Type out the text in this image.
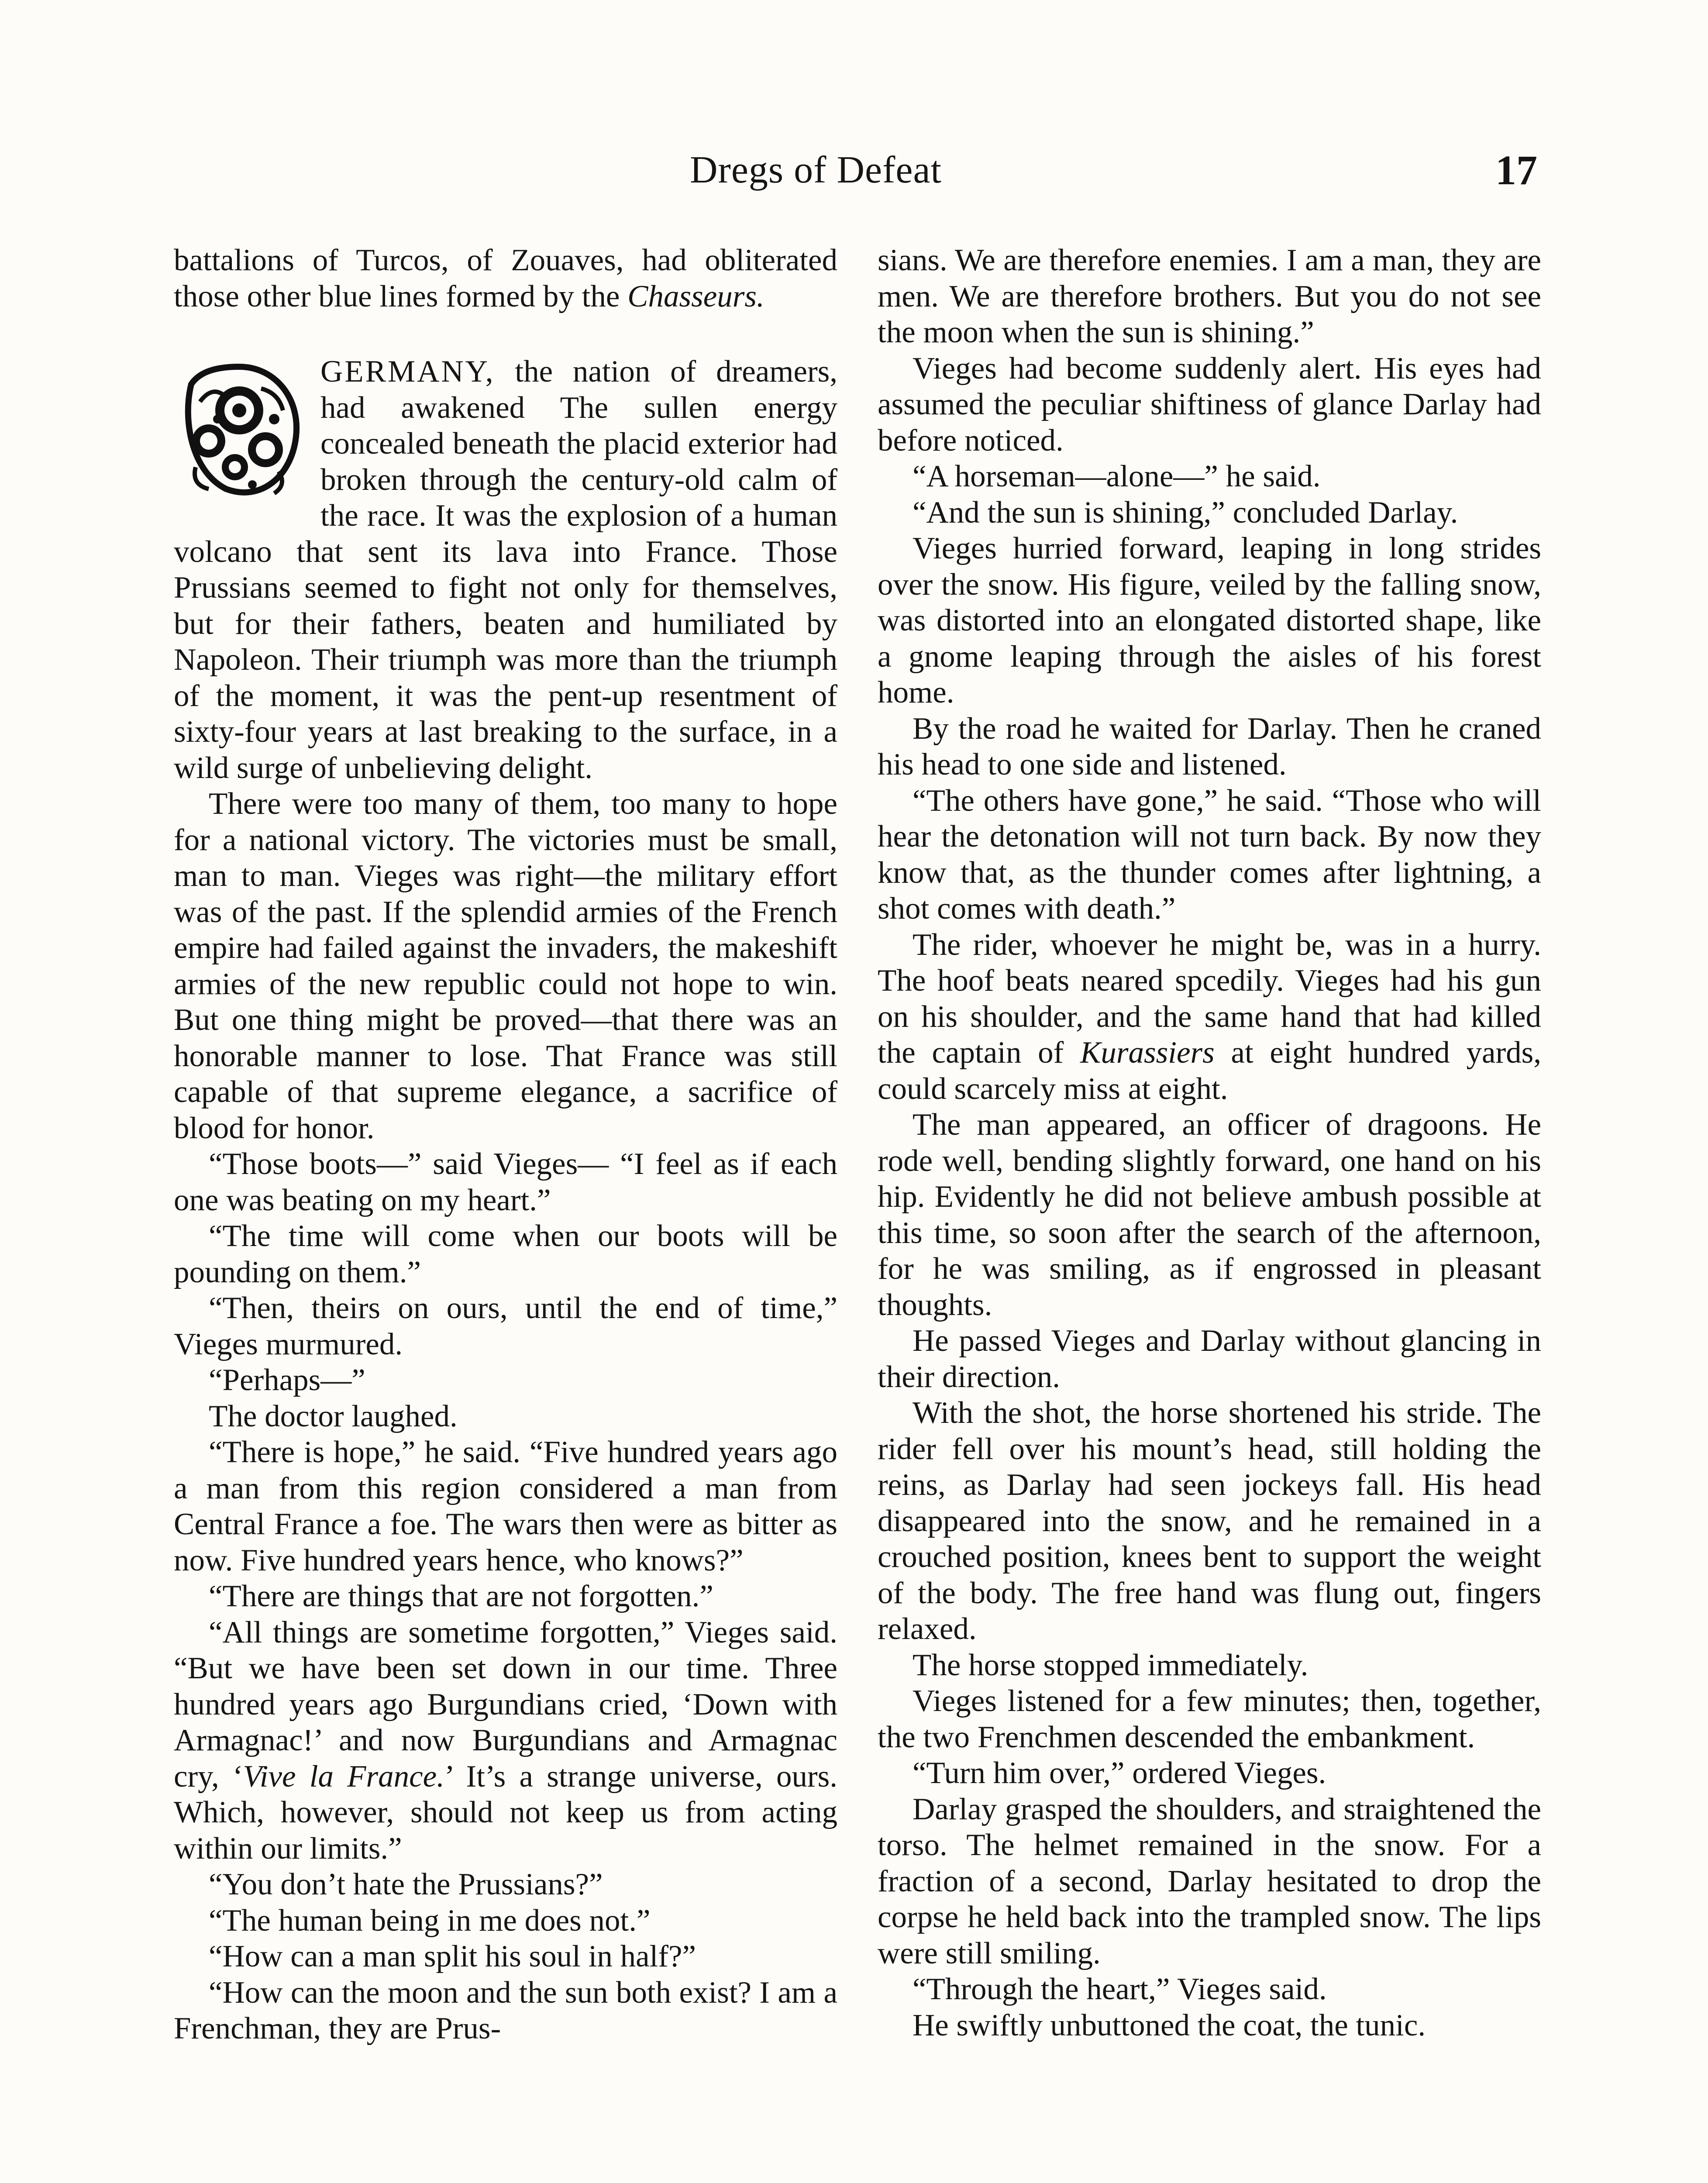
Dregs of Defeat	17

battalions of Turcos, of Zouaves, had obliterated those other blue lines formed by the Chasseurs.

GERMANY, the nation of dreamers, had awakened The sullen energy concealed beneath the placid exterior had broken through the century-old calm of the race. It was the explosion of a human volcano that sent its lava into France. Those Prussians seemed to fight not only for themselves, but for their fathers, beaten and humiliated by Napoleon. Their triumph was more than the triumph of the moment, it was the pent-up resentment of sixty-four years at last breaking to the surface, in a wild surge of unbelieving delight.

There were too many of them, too many to hope for a national victory. The victories must be small, man to man. Vieges was right—the military effort was of the past. If the splendid armies of the French empire had failed against the invaders, the makeshift armies of the new republic could not hope to win. But one thing might be proved—that there was an honorable manner to lose. That France was still capable of that supreme elegance, a sacrifice of blood for honor.

“Those boots—” said Vieges— “I feel as if each one was beating on my heart.”

“The time will come when our boots will be pounding on them.”

“Then, theirs on ours, until the end of time,” Vieges murmured.

“Perhaps—”

The doctor laughed.

“There is hope,” he said. “Five hundred years ago a man from this region considered a man from Central France a foe. The wars then were as bitter as now. Five hundred years hence, who knows?”

“There are things that are not forgotten.”

“All things are sometime forgotten,” Vieges said. “But we have been set down in our time. Three hundred years ago Burgundians cried, ‘Down with Armagnac!’ and now Burgundians and Armagnac cry, ‘Vive la France.’ It’s a strange universe, ours. Which, however, should not keep us from acting within our limits.”

“You don’t hate the Prussians?”

“The human being in me does not.”

“How can a man split his soul in half?”

“How can the moon and the sun both exist? I am a Frenchman, they are Prus-

sians. We are therefore enemies. I am a man, they are men. We are therefore brothers. But you do not see the moon when the sun is shining.”

Vieges had become suddenly alert. His eyes had assumed the peculiar shiftiness of glance Darlay had before noticed.

“A horseman—alone—” he said.

“And the sun is shining,” concluded Darlay.

Vieges hurried forward, leaping in long strides over the snow. His figure, veiled by the falling snow, was distorted into an elongated distorted shape, like a gnome leaping through the aisles of his forest home.

By the road he waited for Darlay. Then he craned his head to one side and listened.

“The others have gone,” he said. “Those who will hear the detonation will not turn back. By now they know that, as the thunder comes after lightning, a shot comes with death.”

The rider, whoever he might be, was in a hurry. The hoof beats neared spcedily. Vieges had his gun on his shoulder, and the same hand that had killed the captain of Kurassiers at eight hundred yards, could scarcely miss at eight.

The man appeared, an officer of dragoons. He rode well, bending slightly forward, one hand on his hip. Evidently he did not believe ambush possible at this time, so soon after the search of the afternoon, for he was smiling, as if engrossed in pleasant thoughts.

He passed Vieges and Darlay without glancing in their direction.

With the shot, the horse shortened his stride. The rider fell over his mount’s head, still holding the reins, as Darlay had seen jockeys fall. His head disappeared into the snow, and he remained in a crouched position, knees bent to support the weight of the body. The free hand was flung out, fingers relaxed.

The horse stopped immediately.

Vieges listened for a few minutes; then, together, the two Frenchmen descended the embankment.

“Turn him over,” ordered Vieges.

Darlay grasped the shoulders, and straightened the torso. The helmet remained in the snow. For a fraction of a second, Darlay hesitated to drop the corpse he held back into the trampled snow. The lips were still smiling.

“Through the heart,” Vieges said.

He swiftly unbuttoned the coat, the tunic.
